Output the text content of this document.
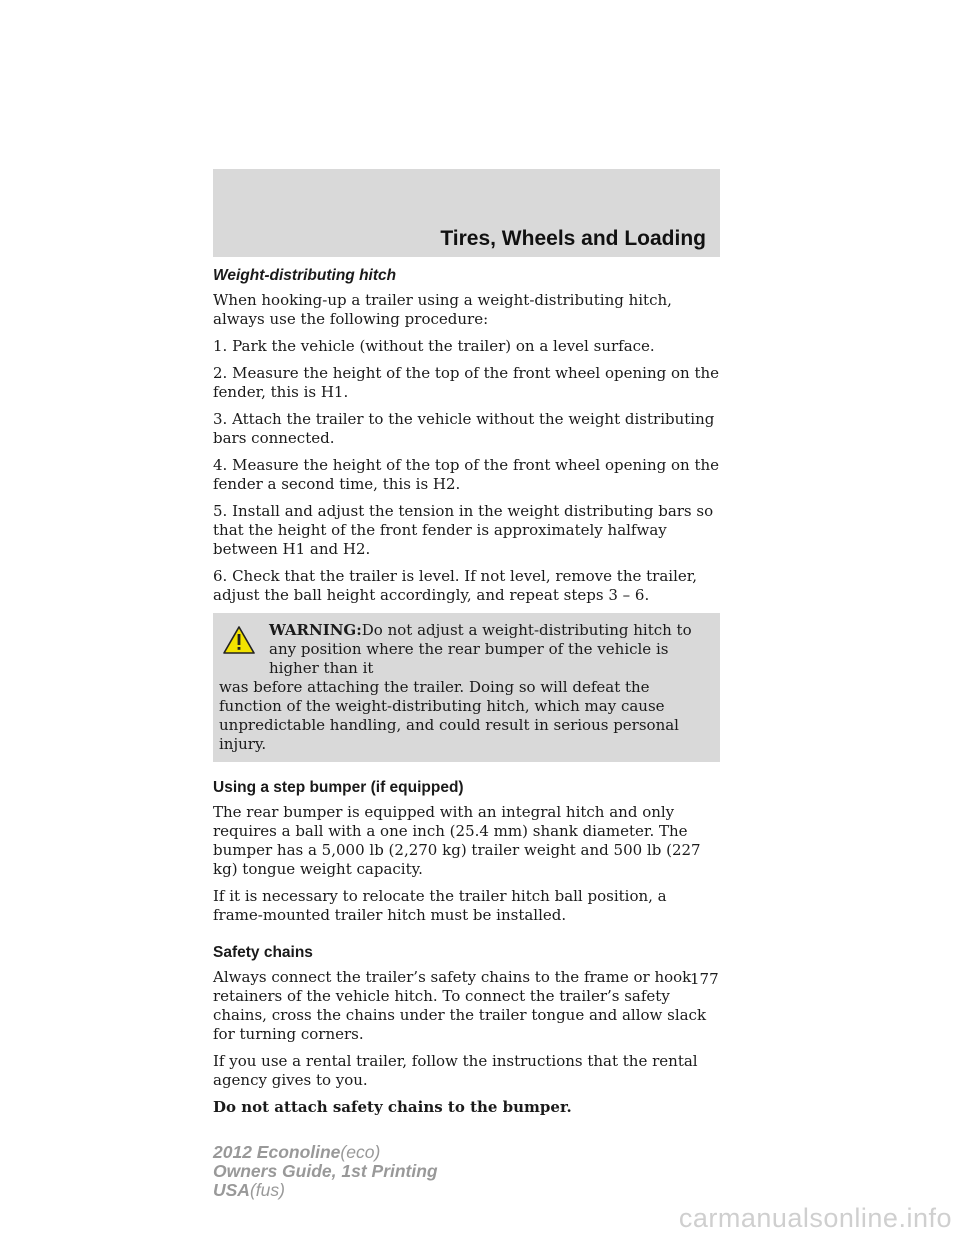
Tires, Wheels and Loading

Weight-distributing hitch

When hooking-up a trailer using a weight-distributing hitch, always use the following procedure:

1. Park the vehicle (without the trailer) on a level surface.

2. Measure the height of the top of the front wheel opening on the fender, this is H1.

3. Attach the trailer to the vehicle without the weight distributing bars connected.

4. Measure the height of the top of the front wheel opening on the fender a second time, this is H2.

5. Install and adjust the tension in the weight distributing bars so that the height of the front fender is approximately halfway between H1 and H2.

6. Check that the trailer is level. If not level, remove the trailer, adjust the ball height accordingly, and repeat steps 3 – 6.

WARNING:Do not adjust a weight-distributing hitch to any position where the rear bumper of the vehicle is higher than it
was before attaching the trailer. Doing so will defeat the function of the weight-distributing hitch, which may cause unpredictable handling, and could result in serious personal injury.

Using a step bumper (if equipped)

The rear bumper is equipped with an integral hitch and only requires a ball with a one inch (25.4 mm) shank diameter. The bumper has a 5,000 lb (2,270 kg) trailer weight and 500 lb (227 kg) tongue weight capacity.

If it is necessary to relocate the trailer hitch ball position, a frame-mounted trailer hitch must be installed.

Safety chains

Always connect the trailer’s safety chains to the frame or hook retainers of the vehicle hitch. To connect the trailer’s safety chains, cross the chains under the trailer tongue and allow slack for turning corners.

If you use a rental trailer, follow the instructions that the rental agency gives to you.

Do not attach safety chains to the bumper.

177
2012 Econoline(eco)
Owners Guide, 1st Printing
USA(fus)
carmanualsonline.info
